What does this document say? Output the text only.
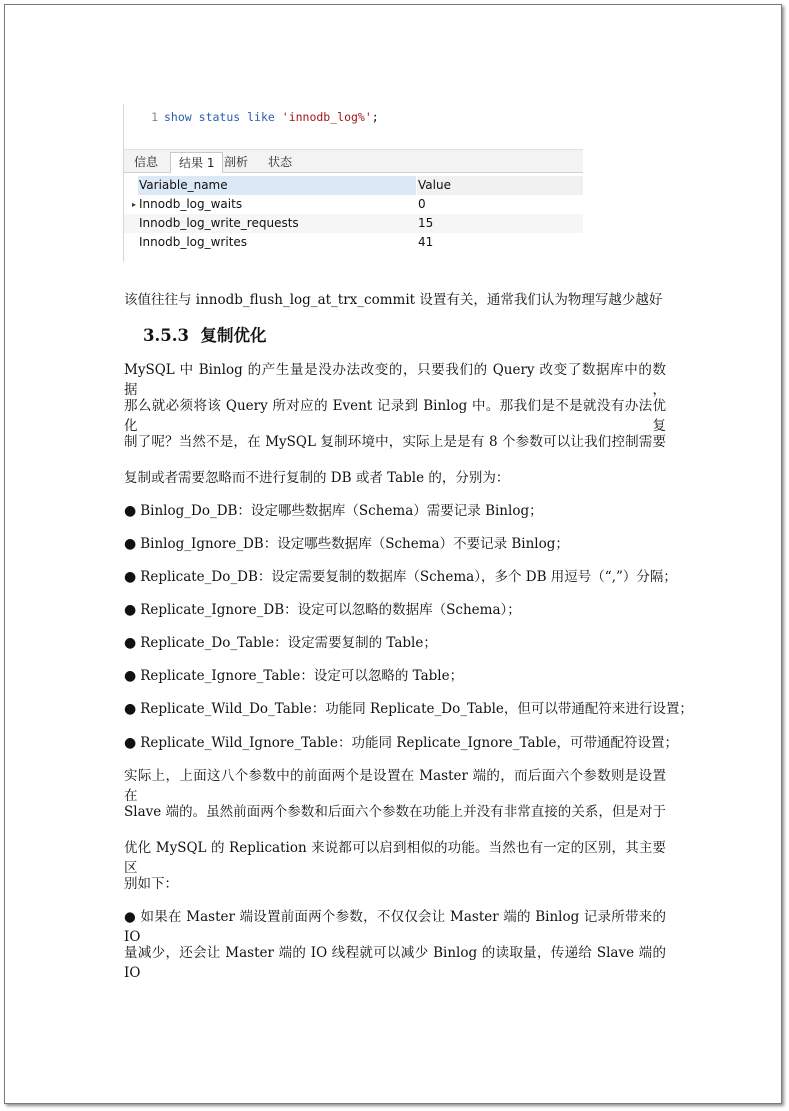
1 show status like 'innodb_log%';
信息	结果 1 剖析	状态
Variable_name	Value
▸ Innodb_log_waits	0
Innodb_log_write_requests	15
Innodb_log_writes	41
该值往往与 innodb_flush_log_at_trx_commit 设置有关，通常我们认为物理写越少越好
3.5.3 复制优化
MySQL 中 Binlog 的产生量是没办法改变的，只要我们的 Query 改变了数据库中的数据，
那么就必须将该 Query 所对应的 Event 记录到 Binlog 中。那我们是不是就没有办法优化复
制了呢？当然不是，在 MySQL 复制环境中，实际上是是有 8 个参数可以让我们控制需要
复制或者需要忽略而不进行复制的 DB 或者 Table 的，分别为：
● Binlog_Do_DB：设定哪些数据库（Schema）需要记录 Binlog；
● Binlog_Ignore_DB：设定哪些数据库（Schema）不要记录 Binlog；
● Replicate_Do_DB：设定需要复制的数据库（Schema），多个 DB 用逗号（“,”）分隔；
● Replicate_Ignore_DB：设定可以忽略的数据库（Schema）；
● Replicate_Do_Table：设定需要复制的 Table；
● Replicate_Ignore_Table：设定可以忽略的 Table；
● Replicate_Wild_Do_Table：功能同 Replicate_Do_Table，但可以带通配符来进行设置；
● Replicate_Wild_Ignore_Table：功能同 Replicate_Ignore_Table，可带通配符设置；
实际上，上面这八个参数中的前面两个是设置在 Master 端的，而后面六个参数则是设置在
Slave 端的。虽然前面两个参数和后面六个参数在功能上并没有非常直接的关系，但是对于
优化 MySQL 的 Replication 来说都可以启到相似的功能。当然也有一定的区别，其主要区
别如下：
● 如果在 Master 端设置前面两个参数，不仅仅会让 Master 端的 Binlog 记录所带来的 IO
量减少，还会让 Master 端的 IO 线程就可以减少 Binlog 的读取量，传递给 Slave 端的 IO
